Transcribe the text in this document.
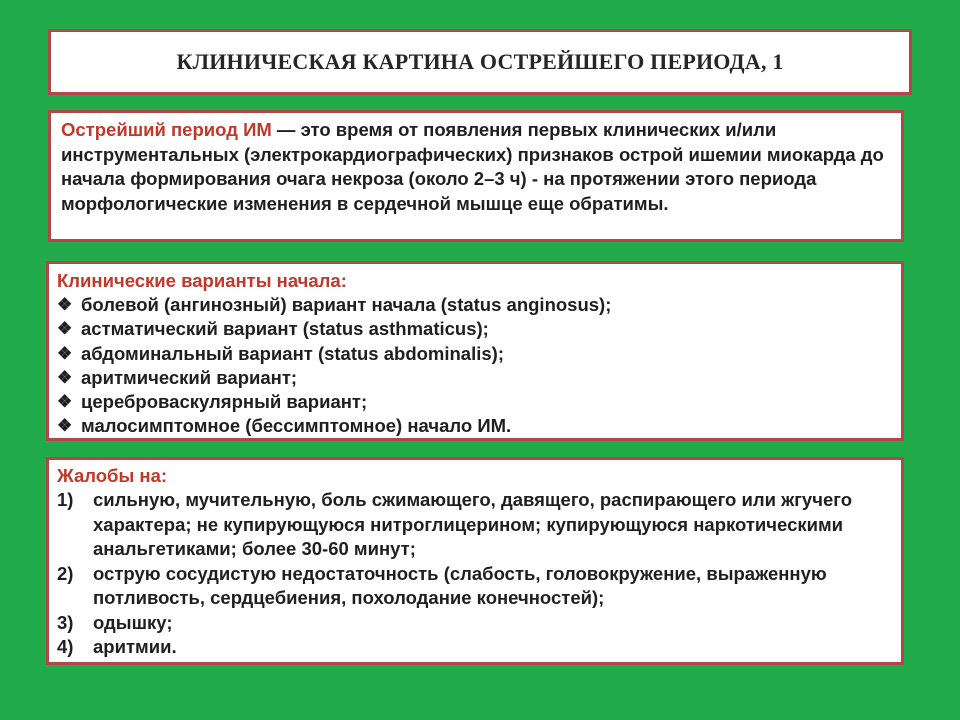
КЛИНИЧЕСКАЯ КАРТИНА ОСТРЕЙШЕГО ПЕРИОДА, 1
Острейший период ИМ — это время от появления первых клинических и/или инструментальных (электрокардиографических) признаков острой ишемии миокарда до начала формирования очага некроза (около 2–3 ч) - на протяжении этого периода морфологические изменения в сердечной мышце еще обратимы.
Клинические варианты начала:
❖ болевой (ангинозный) вариант начала (status anginosus);
❖ астматический вариант (status asthmaticus);
❖ абдоминальный вариант (status abdominalis);
❖ аритмический вариант;
❖ цереброваскулярный вариант;
❖ малосимптомное (бессимптомное) начало ИМ.
Жалобы на:
1)	сильную, мучительную, боль сжимающего, давящего, распирающего или жгучего характера; не купирующуюся нитроглицерином; купирующуюся наркотическими анальгетиками; более 30-60 минут;
2)	острую сосудистую недостаточность (слабость, головокружение, выраженную потливость, сердцебиения, похолодание конечностей);
3)	одышку;
4)	аритмии.
